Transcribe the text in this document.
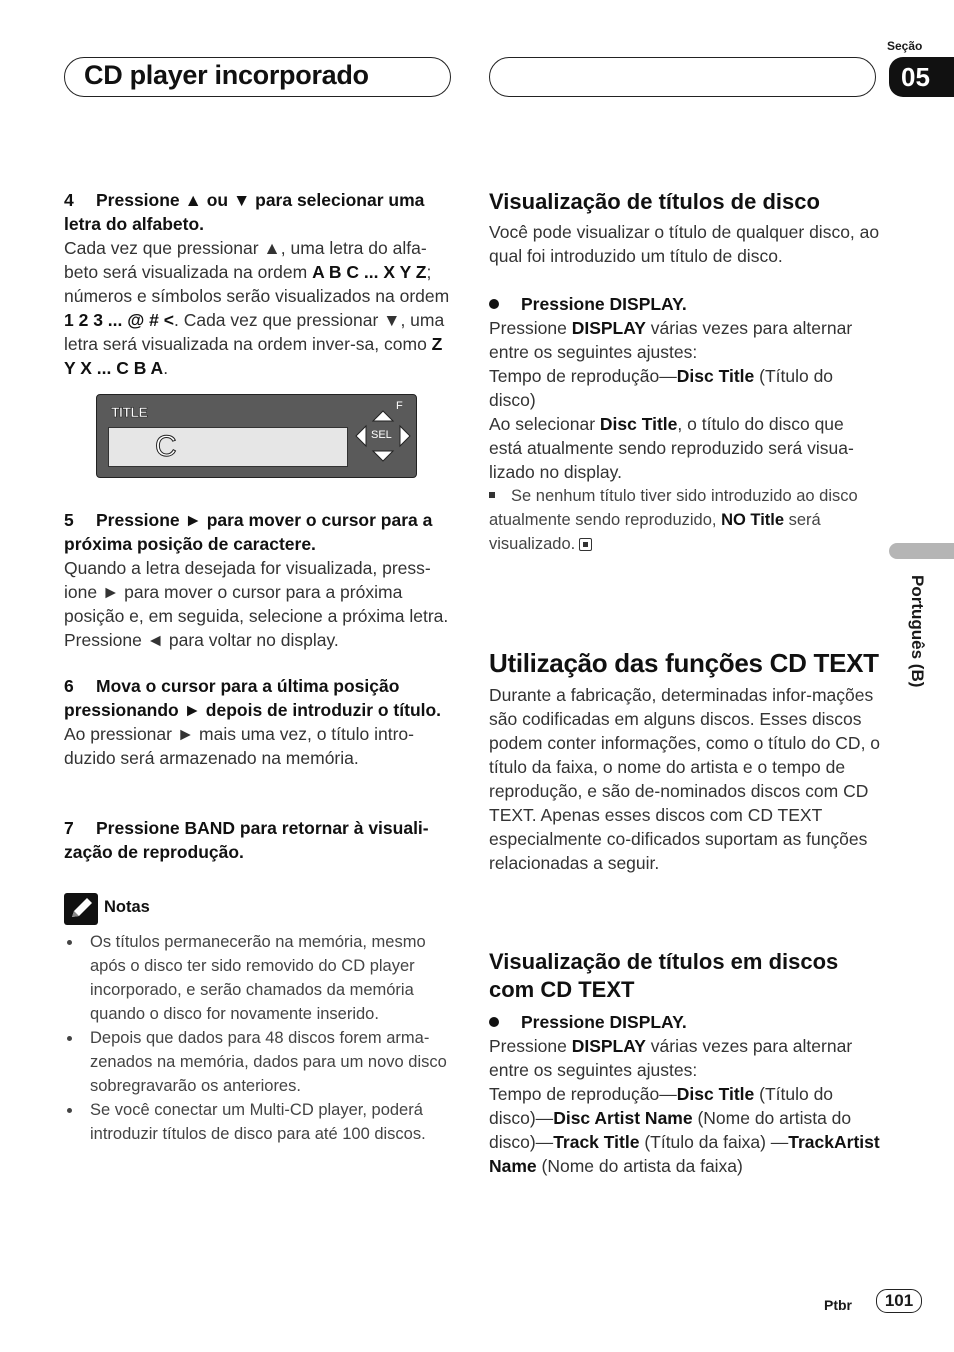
CD player incorporado
Seção
05
Português (B)
4 Pressione ▲ ou ▼ para selecionar uma letra do alfabeto.
Cada vez que pressionar ▲, uma letra do alfa-beto será visualizada na ordem A B C ... X Y Z; números e símbolos serão visualizados na ordem 1 2 3 ... @ # <. Cada vez que pressionar ▼, uma letra será visualizada na ordem inver-sa, como Z Y X ... C B A.
TITLE
C
F
SEL
5 Pressione ► para mover o cursor para a próxima posição de caractere.
Quando a letra desejada for visualizada, press-ione ► para mover o cursor para a próxima posição e, em seguida, selecione a próxima letra. Pressione ◄ para voltar no display.
6 Mova o cursor para a última posição pressionando ► depois de introduzir o título.
Ao pressionar ► mais uma vez, o título intro-duzido será armazenado na memória.
7 Pressione BAND para retornar à visuali-zação de reprodução.
Notas
Os títulos permanecerão na memória, mesmo após o disco ter sido removido do CD player incorporado, e serão chamados da memória quando o disco for novamente inserido.
Depois que dados para 48 discos forem arma-zenados na memória, dados para um novo disco sobregravarão os anteriores.
Se você conectar um Multi-CD player, poderá introduzir títulos de disco para até 100 discos.
Visualização de títulos de disco
Você pode visualizar o título de qualquer disco, ao qual foi introduzido um título de disco.
Pressione DISPLAY.
Pressione DISPLAY várias vezes para alternar entre os seguintes ajustes:
Tempo de reprodução—Disc Title (Título do disco)
Ao selecionar Disc Title, o título do disco que está atualmente sendo reproduzido será visua-lizado no display.
Se nenhum título tiver sido introduzido ao disco atualmente sendo reproduzido, NO Title será visualizado.
Utilização das funções CD TEXT
Durante a fabricação, determinadas infor-mações são codificadas em alguns discos. Esses discos podem conter informações, como o título do CD, o título da faixa, o nome do artista e o tempo de reprodução, e são de-nominados discos com CD TEXT. Apenas esses discos com CD TEXT especialmente co-dificados suportam as funções relacionadas a seguir.
Visualização de títulos em discos com CD TEXT
Pressione DISPLAY.
Pressione DISPLAY várias vezes para alternar entre os seguintes ajustes:
Tempo de reprodução—Disc Title (Título do disco)—Disc Artist Name (Nome do artista do disco)—Track Title (Título da faixa) —TrackArtist Name (Nome do artista da faixa)
Ptbr	101
